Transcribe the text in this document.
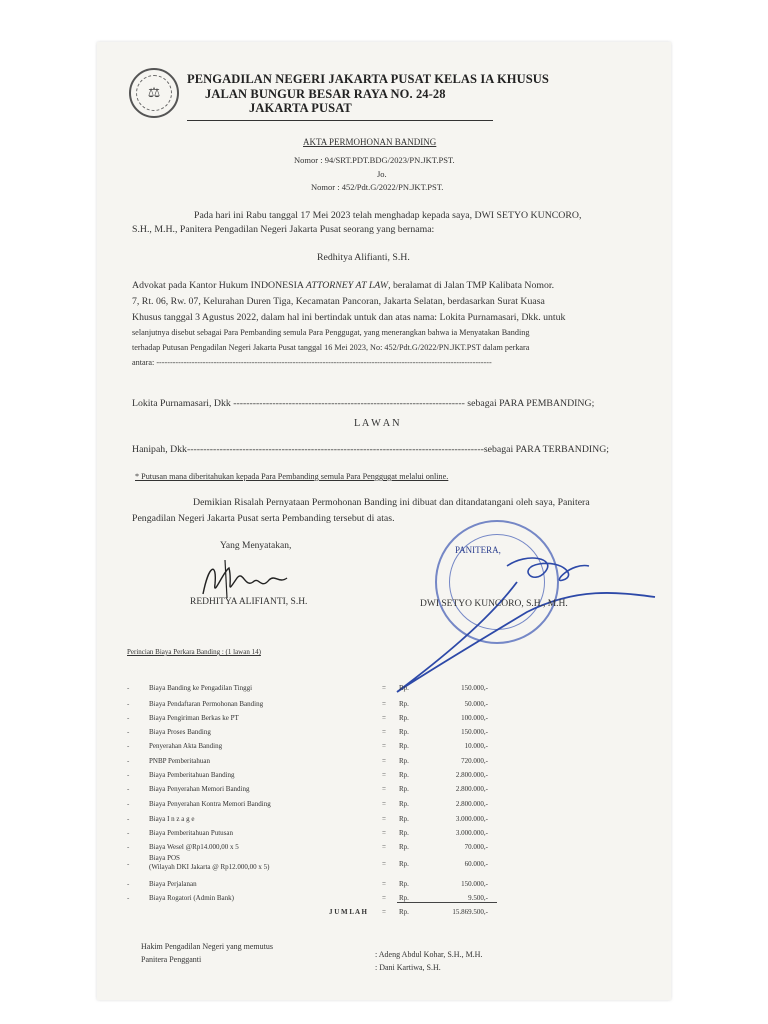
⚖
PENGADILAN NEGERI JAKARTA PUSAT KELAS IA KHUSUS
JALAN BUNGUR BESAR RAYA NO. 24-28
JAKARTA PUSAT
AKTA PERMOHONAN BANDING
Nomor : 94/SRT.PDT.BDG/2023/PN.JKT.PST.
Jo.
Nomor : 452/Pdt.G/2022/PN.JKT.PST.
Pada hari ini Rabu tanggal 17 Mei 2023 telah menghadap kepada saya, DWI SETYO KUNCORO,
S.H., M.H., Panitera Pengadilan Negeri Jakarta Pusat seorang yang bernama:
Redhitya Alifianti, S.H.
Advokat pada Kantor Hukum INDONESIA ATTORNEY AT LAW, beralamat di Jalan TMP Kalibata Nomor.
7, Rt. 06, Rw. 07, Kelurahan Duren Tiga, Kecamatan Pancoran, Jakarta Selatan, berdasarkan Surat Kuasa
Khusus tanggal 3 Agustus 2022, dalam hal ini bertindak untuk dan atas nama: Lokita Purnamasari, Dkk. untuk
selanjutnya disebut sebagai Para Pembanding semula Para Penggugat, yang menerangkan bahwa ia Menyatakan Banding
terhadap Putusan Pengadilan Negeri Jakarta Pusat tanggal 16 Mei 2023, No: 452/Pdt.G/2022/PN.JKT.PST dalam perkara
antara: ---------------------------------------------------------------------------------------------------------------------------
Lokita Purnamasari, Dkk ----------------------------------------------------------------------- sebagai PARA PEMBANDING;
L A W A N
Hanipah, Dkk-------------------------------------------------------------------------------------------sebagai PARA TERBANDING;
* Putusan mana diberitahukan kepada Para Pembanding semula Para Penggugat melalui online.
Demikian Risalah Pernyataan Permohonan Banding ini dibuat dan ditandatangani oleh saya, Panitera
Pengadilan Negeri Jakarta Pusat serta Pembanding tersebut di atas.
Yang Menyatakan,
REDHITYA ALIFIANTI, S.H.
PANITERA,
DWI SETYO KUNCORO, S.H., M.H.
Perincian Biaya Perkara Banding : (1 lawan 14)
-	Biaya Banding ke Pengadilan Tinggi	= Rp.	150.000,-
-	Biaya Pendaftaran Permohonan Banding	= Rp.	50.000,-
-	Biaya Pengiriman Berkas ke PT	= Rp.	100.000,-
-	Biaya Proses Banding	= Rp.	150.000,-
-	Penyerahan Akta Banding	= Rp.	10.000,-
-	PNBP Pemberitahuan	= Rp.	720.000,-
-	Biaya Pemberitahuan Banding	= Rp.	2.800.000,-
-	Biaya Penyerahan Memori Banding	= Rp.	2.800.000,-
-	Biaya Penyerahan Kontra Memori Banding	= Rp.	2.800.000,-
-	Biaya I n z a g e	= Rp.	3.000.000,-
-	Biaya Pemberitahuan Putusan	= Rp.	3.000.000,-
-	Biaya Wesel @Rp14.000,00 x 5	= Rp.	70.000,-
-
Biaya POS
(Wilayah DKI Jakarta @ Rp12.000,00 x 5)	= Rp.	60.000,-
-	Biaya Perjalanan	= Rp.	150.000,-
-	Biaya Rogatori (Admin Bank)	= Rp.	9.500,-
J U M L A H = Rp.	15.869.500,-
Hakim Pengadilan Negeri yang memutus
Panitera Pengganti
: Adeng Abdul Kohar, S.H., M.H.
: Dani Kartiwa, S.H.
